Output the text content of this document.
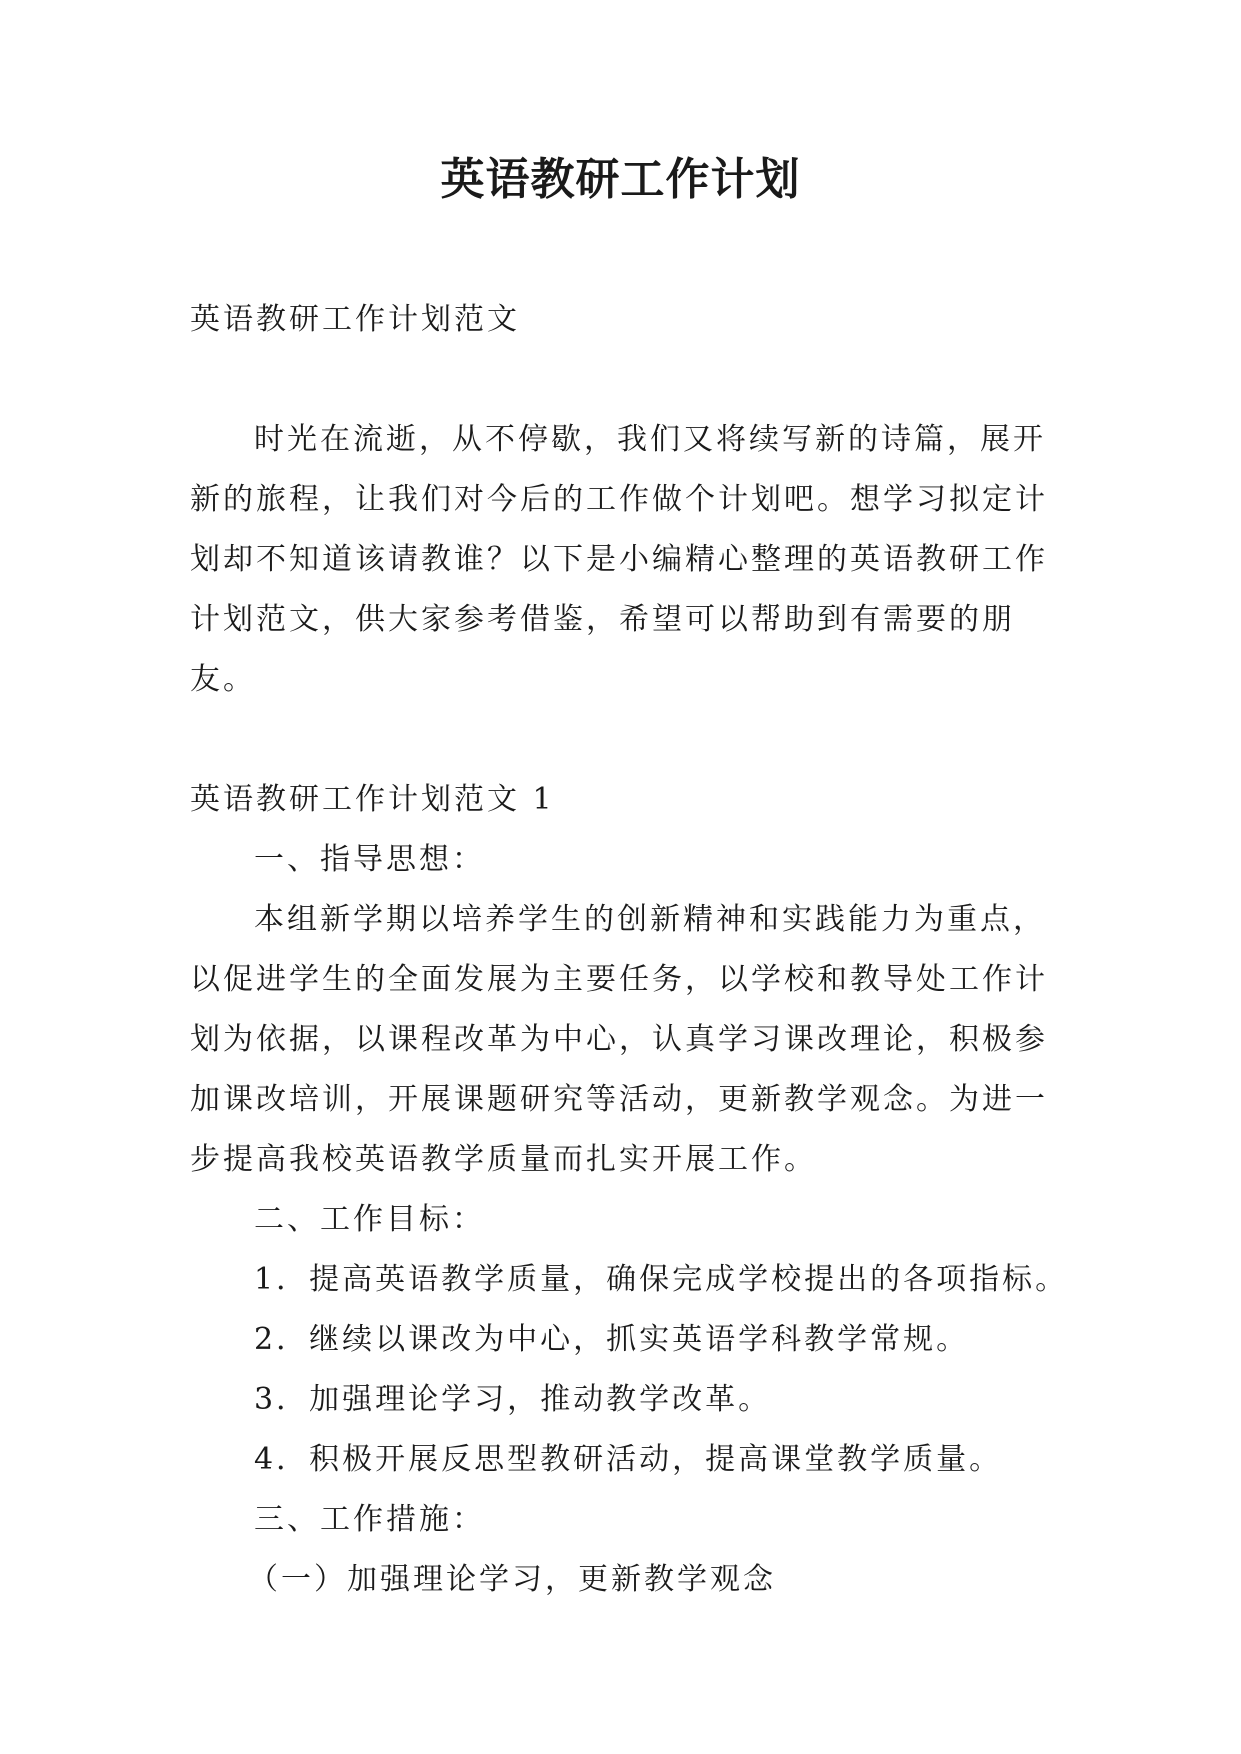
英语教研工作计划

英语教研工作计划范文

时光在流逝，从不停歇，我们又将续写新的诗篇，展开新的旅程，让我们对今后的工作做个计划吧。想学习拟定计划却不知道该请教谁？以下是小编精心整理的英语教研工作计划范文，供大家参考借鉴，希望可以帮助到有需要的朋友。

英语教研工作计划范文 1

一、指导思想：

本组新学期以培养学生的创新精神和实践能力为重点，以促进学生的全面发展为主要任务，以学校和教导处工作计划为依据，以课程改革为中心，认真学习课改理论，积极参加课改培训，开展课题研究等活动，更新教学观念。为进一步提高我校英语教学质量而扎实开展工作。

二、工作目标：

1．提高英语教学质量，确保完成学校提出的各项指标。

2．继续以课改为中心，抓实英语学科教学常规。

3．加强理论学习，推动教学改革。

4．积极开展反思型教研活动，提高课堂教学质量。

三、工作措施：

（一）加强理论学习，更新教学观念
